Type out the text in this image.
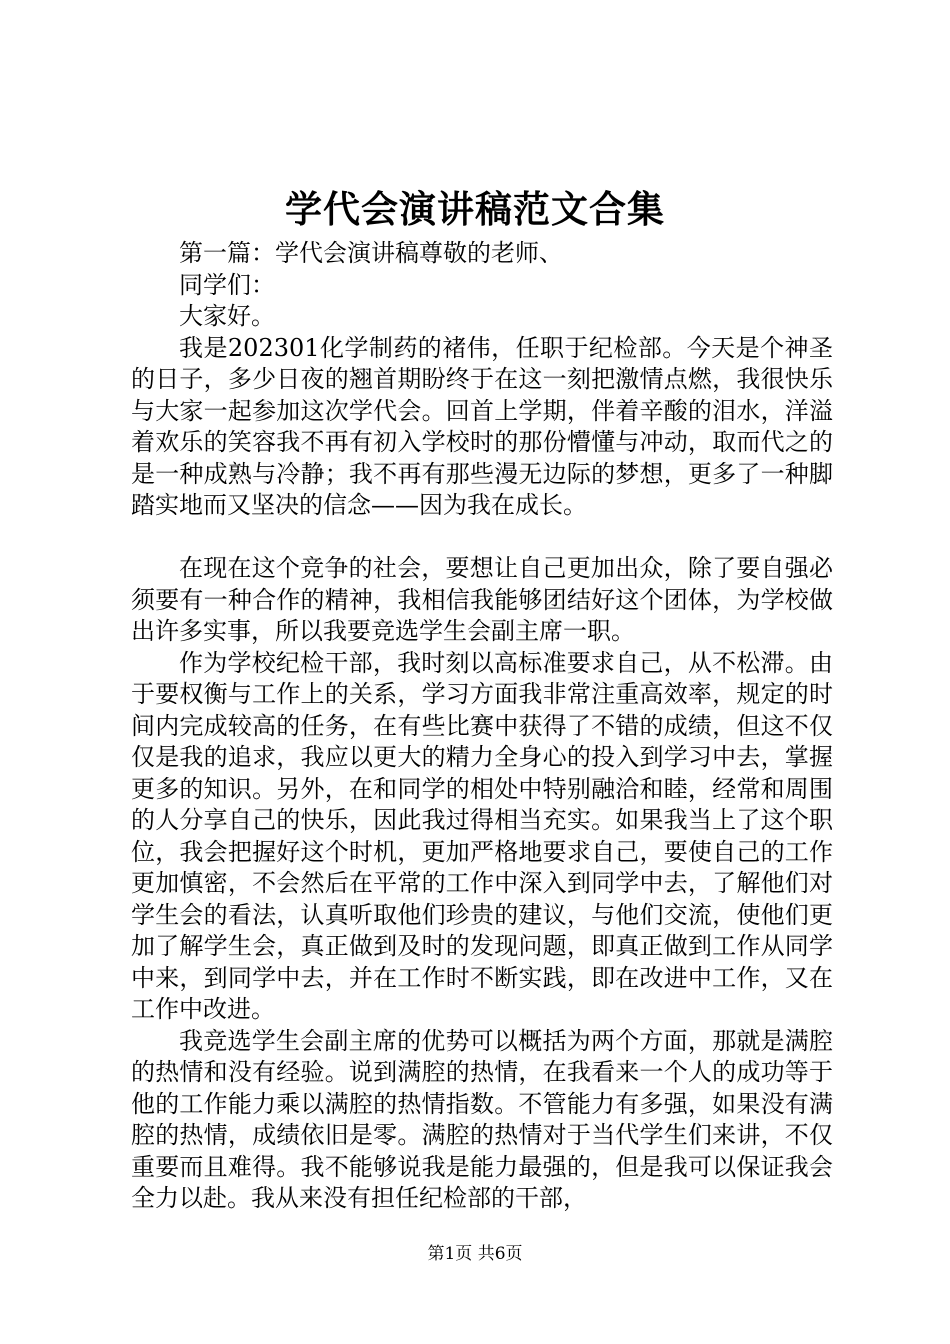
学代会演讲稿范文合集

第一篇：学代会演讲稿尊敬的老师、

同学们：

大家好。

我是202301化学制药的褚伟，任职于纪检部。今天是个神圣的日子，多少日夜的翘首期盼终于在这一刻把激情点燃，我很快乐与大家一起参加这次学代会。回首上学期，伴着辛酸的泪水，洋溢着欢乐的笑容我不再有初入学校时的那份懵懂与冲动，取而代之的是一种成熟与冷静；我不再有那些漫无边际的梦想，更多了一种脚踏实地而又坚决的信念——因为我在成长。

在现在这个竞争的社会，要想让自己更加出众，除了要自强必须要有一种合作的精神，我相信我能够团结好这个团体，为学校做出许多实事，所以我要竞选学生会副主席一职。

作为学校纪检干部，我时刻以高标准要求自己，从不松滞。由于要权衡与工作上的关系，学习方面我非常注重高效率，规定的时间内完成较高的任务，在有些比赛中获得了不错的成绩，但这不仅仅是我的追求，我应以更大的精力全身心的投入到学习中去，掌握更多的知识。另外，在和同学的相处中特别融洽和睦，经常和周围的人分享自己的快乐，因此我过得相当充实。如果我当上了这个职位，我会把握好这个时机，更加严格地要求自己，要使自己的工作更加慎密，不会然后在平常的工作中深入到同学中去，了解他们对学生会的看法，认真听取他们珍贵的建议，与他们交流，使他们更加了解学生会，真正做到及时的发现问题，即真正做到工作从同学中来，到同学中去，并在工作时不断实践，即在改进中工作，又在工作中改进。

我竞选学生会副主席的优势可以概括为两个方面，那就是满腔的热情和没有经验。说到满腔的热情，在我看来一个人的成功等于他的工作能力乘以满腔的热情指数。不管能力有多强，如果没有满腔的热情，成绩依旧是零。满腔的热情对于当代学生们来讲，不仅重要而且难得。我不能够说我是能力最强的，但是我可以保证我会全力以赴。我从来没有担任纪检部的干部，

第1页 共6页
